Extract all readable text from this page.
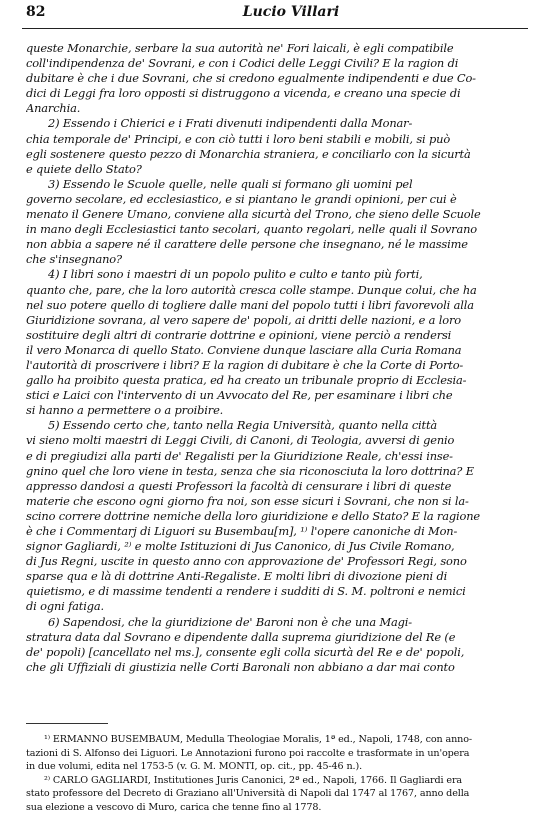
82	Lucio Villari
queste Monarchie, serbare la sua autorità ne' Fori laicali, è egli compatibile
coll'indipendenza de' Sovrani, e con i Codici delle Leggi Civili? E la ragion di
dubitare è che i due Sovrani, che si credono egualmente indipendenti e due Co-
dici di Leggi fra loro opposti si distruggono a vicenda, e creano una specie di
Anarchia.
2) Essendo i Chierici e i Frati divenuti indipendenti dalla Monar-
chia temporale de' Principi, e con ciò tutti i loro beni stabili e mobili, si può
egli sostenere questo pezzo di Monarchia straniera, e conciliarlo con la sicurtà
e quiete dello Stato?
3) Essendo le Scuole quelle, nelle quali si formano gli uomini pel
governo secolare, ed ecclesiastico, e si piantano le grandi opinioni, per cui è
menato il Genere Umano, conviene alla sicurtà del Trono, che sieno delle Scuole
in mano degli Ecclesiastici tanto secolari, quanto regolari, nelle quali il Sovrano
non abbia a sapere né il carattere delle persone che insegnano, né le massime
che s'insegnano?
4) I libri sono i maestri di un popolo pulito e culto e tanto più forti,
quanto che, pare, che la loro autorità cresca colle stampe. Dunque colui, che ha
nel suo potere quello di togliere dalle mani del popolo tutti i libri favorevoli alla
Giuridizione sovrana, al vero sapere de' popoli, ai dritti delle nazioni, e a loro
sostituire degli altri di contrarie dottrine e opinioni, viene perciò a rendersi
il vero Monarca di quello Stato. Conviene dunque lasciare alla Curia Romana
l'autorità di proscrivere i libri? E la ragion di dubitare è che la Corte di Porto-
gallo ha proibito questa pratica, ed ha creato un tribunale proprio di Ecclesia-
stici e Laici con l'intervento di un Avvocato del Re, per esaminare i libri che
si hanno a permettere o a proibire.
5) Essendo certo che, tanto nella Regia Università, quanto nella città
vi sieno molti maestri di Leggi Civili, di Canoni, di Teologia, avversi di genio
e di pregiudizi alla parti de' Regalisti per la Giuridizione Reale, ch'essi inse-
gnino quel che loro viene in testa, senza che sia riconosciuta la loro dottrina? E
appresso dandosi a questi Professori la facoltà di censurare i libri di queste
materie che escono ogni giorno fra noi, son esse sicuri i Sovrani, che non si la-
scino correre dottrine nemiche della loro giuridizione e dello Stato? E la ragione
è che i Commentarj di Liguori su Busembau[m], ¹⁾ l'opere canoniche di Mon-
signor Gagliardi, ²⁾ e molte Istituzioni di Jus Canonico, di Jus Civile Romano,
di Jus Regni, uscite in questo anno con approvazione de' Professori Regi, sono
sparse qua e là di dottrine Anti-Regaliste. E molti libri di divozione pieni di
quietismo, e di massime tendenti a rendere i sudditi di S. M. poltroni e nemici
di ogni fatiga.
6) Sapendosi, che la giuridizione de' Baroni non è che una Magi-
stratura data dal Sovrano e dipendente dalla suprema giuridizione del Re (e
de' popoli) [cancellato nel ms.], consente egli colla sicurtà del Re e de' popoli,
che gli Uffiziali di giustizia nelle Corti Baronali non abbiano a dar mai conto
¹⁾ ERMANNO BUSEMBAUM, Medulla Theologiae Moralis, 1ª ed., Napoli, 1748, con anno-
tazioni di S. Alfonso dei Liguori. Le Annotazioni furono poi raccolte e trasformate in un'opera
in due volumi, edita nel 1753-5 (v. G. M. MONTI, op. cit., pp. 45-46 n.).
²⁾ CARLO GAGLIARDI, Institutiones Juris Canonici, 2ª ed., Napoli, 1766. Il Gagliardi era
stato professore del Decreto di Graziano all'Università di Napoli dal 1747 al 1767, anno della
sua elezione a vescovo di Muro, carica che tenne fino al 1778.
